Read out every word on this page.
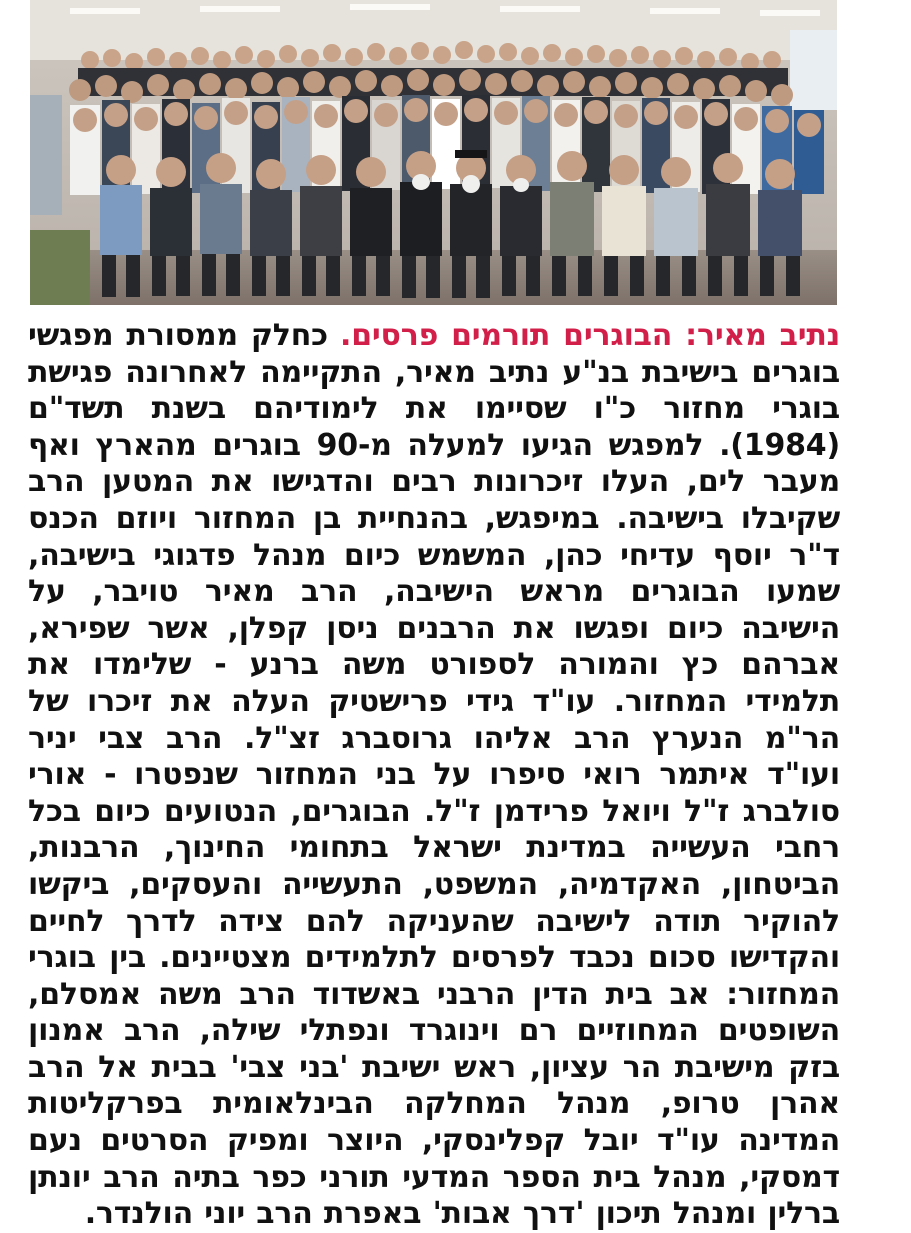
נתיב מאיר: הבוגרים תורמים פרסים. כחלק ממסורת מפגשי בוגרים בישיבת בנ"ע נתיב מאיר, התקיימה לאחרונה פגישת בוגרי מחזור כ"ו שסיימו את לימודיהם בשנת תשד"ם (1984). למפגש הגיעו למעלה מ-90 בוגרים מהארץ ואף מעבר לים, העלו זיכרונות רבים והדגישו את המטען הרב שקיבלו בישיבה. במיפגש, בהנחיית בן המחזור ויוזם הכנס ד"ר יוסף עדיחי כהן, המשמש כיום מנהל פדגוגי בישיבה, שמעו הבוגרים מראש הישיבה, הרב מאיר טויבר, על הישיבה כיום ופגשו את הרבנים ניסן קפלן, אשר שפירא, אברהם כץ והמורה לספורט משה ברנע - שלימדו את תלמידי המחזור. עו"ד גידי פרישטיק העלה את זיכרו של הר"מ הנערץ הרב אליהו גרוסברג זצ"ל. הרב צבי יניר ועו"ד איתמר רואי סיפרו על בני המחזור שנפטרו - אורי סולברג ז"ל ויואל פרידמן ז"ל. הבוגרים, הנטועים כיום בכל רחבי העשייה במדינת ישראל בתחומי החינוך, הרבנות, הביטחון, האקדמיה, המשפט, התעשייה והעסקים, ביקשו להוקיר תודה לישיבה שהעניקה להם צידה לדרך לחיים והקדישו סכום נכבד לפרסים לתלמידים מצטיינים. בין בוגרי המחזור: אב בית הדין הרבני באשדוד הרב משה אמסלם, השופטים המחוזיים רם וינוגרד ונפתלי שילה, הרב אמנון בזק מישיבת הר עציון, ראש ישיבת 'בני צבי' בבית אל הרב אהרן טרופ, מנהל המחלקה הבינלאומית בפרקליטות המדינה עו"ד יובל קפלינסקי, היוצר ומפיק הסרטים נעם דמסקי, מנהל בית הספר המדעי תורני כפר בתיה הרב יונתן ברלין ומנהל תיכון 'דרך אבות' באפרת הרב יוני הולנדר.
